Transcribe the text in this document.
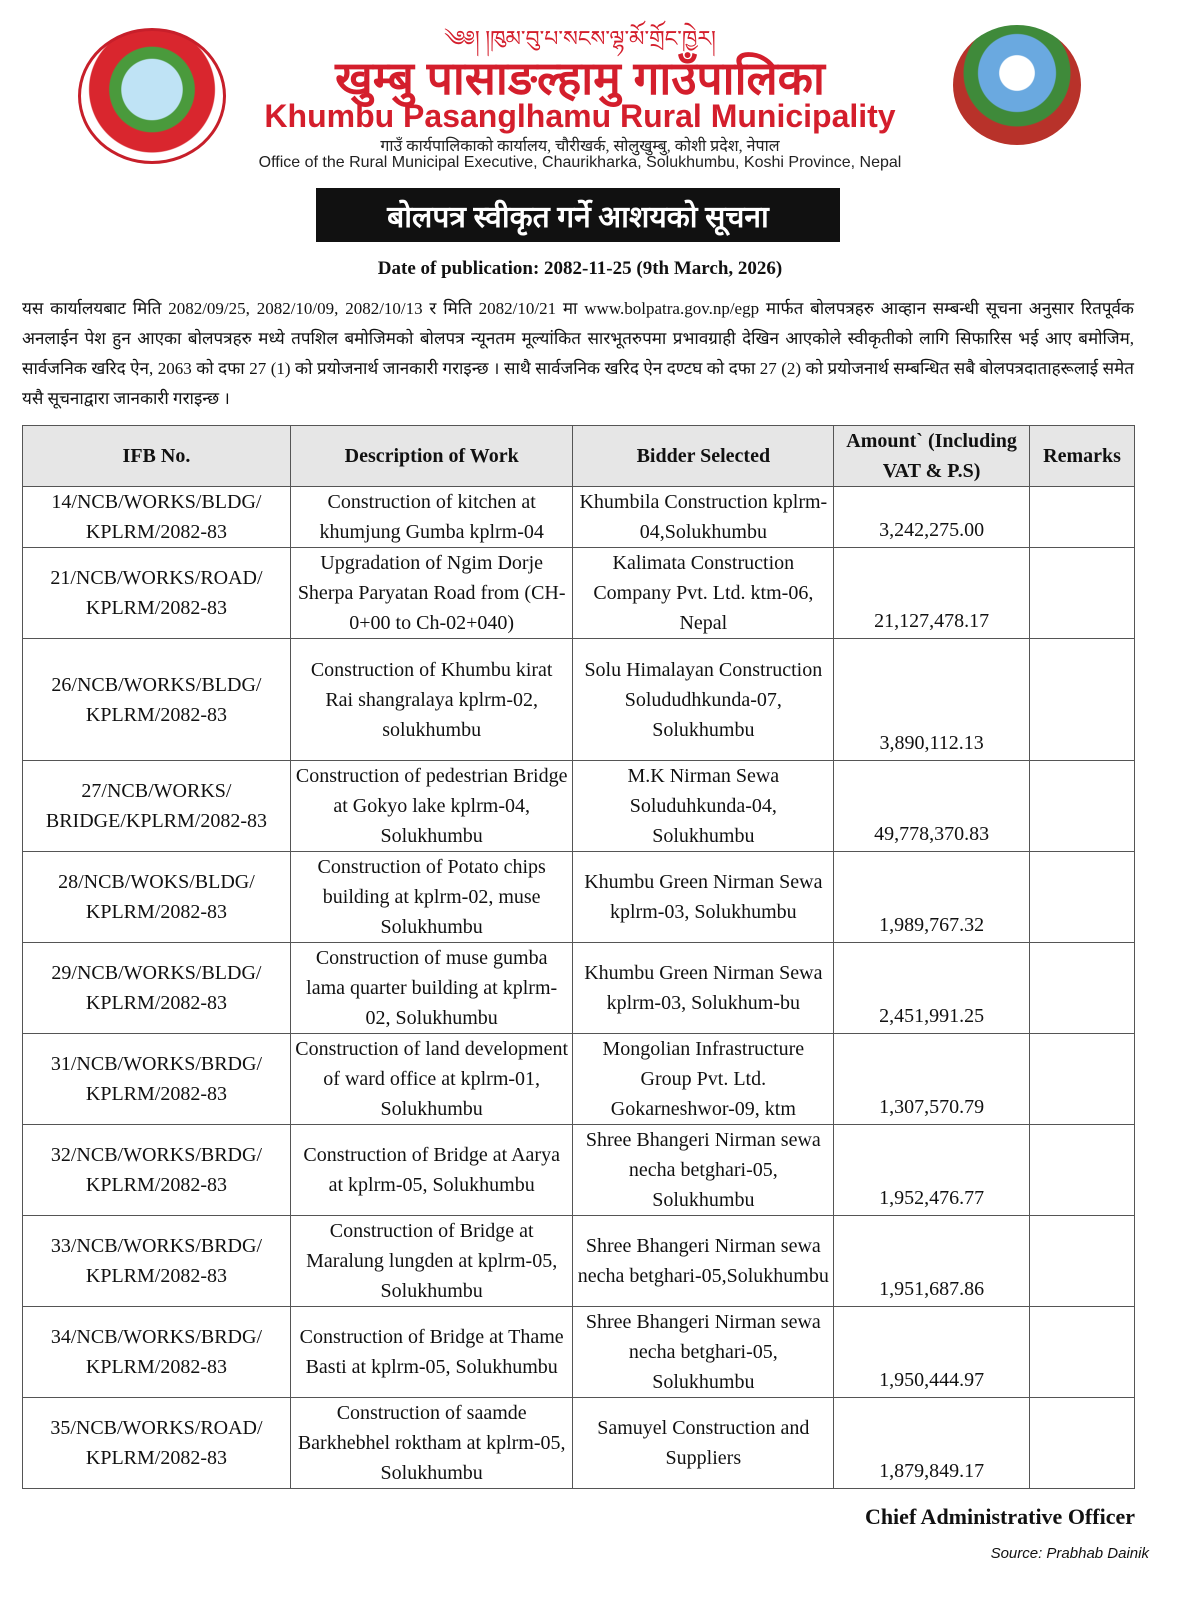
༄༅། །ཁུམ་བུ་པ་སངས་ལྷ་མོ་གྲོང་ཁྱེར།
खुम्बु पासाङल्हामु गाउँपालिका
Khumbu Pasanglhamu Rural Municipality
गाउँ कार्यपालिकाको कार्यालय, चौरीखर्क, सोलुखुम्बु, कोशी प्रदेश, नेपाल
Office of the Rural Municipal Executive, Chaurikharka, Solukhumbu, Koshi Province, Nepal
बोलपत्र स्वीकृत गर्ने आशयको सूचना
Date of publication: 2082-11-25 (9th March, 2026)
यस कार्यालयबाट मिति 2082/09/25, 2082/10/09, 2082/10/13 र मिति 2082/10/21 मा www.bolpatra.gov.np/egp मार्फत बोलपत्रहरु आव्हान सम्बन्धी सूचना अनुसार रितपूर्वक अनलाईन पेश हुन आएका बोलपत्रहरु मध्ये तपशिल बमोजिमको बोलपत्र न्यूनतम मूल्यांकित सारभूतरुपमा प्रभावग्राही देखिन आएकोले स्वीकृतीको लागि सिफारिस भई आए बमोजिम, सार्वजनिक खरिद ऐन, 2063 को दफा 27 (1) को प्रयोजनार्थ जानकारी गराइन्छ । साथै सार्वजनिक खरिद ऐन दण्टघ को दफा 27 (2) को प्रयोजनार्थ सम्बन्धित सबै बोलपत्रदाताहरूलाई समेत यसै सूचनाद्वारा जानकारी गराइन्छ ।
IFB No.	Description of Work	Bidder Selected	Amount` (Including VAT & P.S)	Remarks
14/NCB/WORKS/BLDG/ KPLRM/2082-83	Construction of kitchen at khumjung Gumba kplrm-04	Khumbila Construction kplrm-04,Solukhumbu	3,242,275.00	
21/NCB/WORKS/ROAD/ KPLRM/2082-83	Upgradation of Ngim Dorje Sherpa Paryatan Road from (CH-0+00 to Ch-02+040)	Kalimata Construction Company Pvt. Ltd. ktm-06, Nepal	21,127,478.17	
26/NCB/WORKS/BLDG/ KPLRM/2082-83	Construction of Khumbu kirat Rai shangralaya kplrm-02, solukhumbu	Solu Himalayan Construction Solududhkunda-07, Solukhumbu	3,890,112.13	
27/NCB/WORKS/ BRIDGE/KPLRM/2082-83	Construction of pedestrian Bridge at Gokyo lake kplrm-04, Solukhumbu	M.K Nirman Sewa Soluduhkunda-04, Solukhumbu	49,778,370.83	
28/NCB/WOKS/BLDG/ KPLRM/2082-83	Construction of Potato chips building at kplrm-02, muse Solukhumbu	Khumbu Green Nirman Sewa kplrm-03, Solukhumbu	1,989,767.32	
29/NCB/WORKS/BLDG/ KPLRM/2082-83	Construction of muse gumba lama quarter building at kplrm-02, Solukhumbu	Khumbu Green Nirman Sewa kplrm-03, Solukhum-bu	2,451,991.25	
31/NCB/WORKS/BRDG/ KPLRM/2082-83	Construction of land development of ward office at kplrm-01, Solukhumbu	Mongolian Infrastructure Group Pvt. Ltd. Gokarneshwor-09, ktm	1,307,570.79	
32/NCB/WORKS/BRDG/ KPLRM/2082-83	Construction of Bridge at Aarya at kplrm-05, Solukhumbu	Shree Bhangeri Nirman sewa necha betghari-05, Solukhumbu	1,952,476.77	
33/NCB/WORKS/BRDG/ KPLRM/2082-83	Construction of Bridge at Maralung lungden at kplrm-05, Solukhumbu	Shree Bhangeri Nirman sewa necha betghari-05,Solukhumbu	1,951,687.86	
34/NCB/WORKS/BRDG/ KPLRM/2082-83	Construction of Bridge at Thame Basti at kplrm-05, Solukhumbu	Shree Bhangeri Nirman sewa necha betghari-05, Solukhumbu	1,950,444.97	
35/NCB/WORKS/ROAD/ KPLRM/2082-83	Construction of saamde Barkhebhel roktham at kplrm-05, Solukhumbu	Samuyel Construction and Suppliers	1,879,849.17	
Chief Administrative Officer
Source: Prabhab Dainik
